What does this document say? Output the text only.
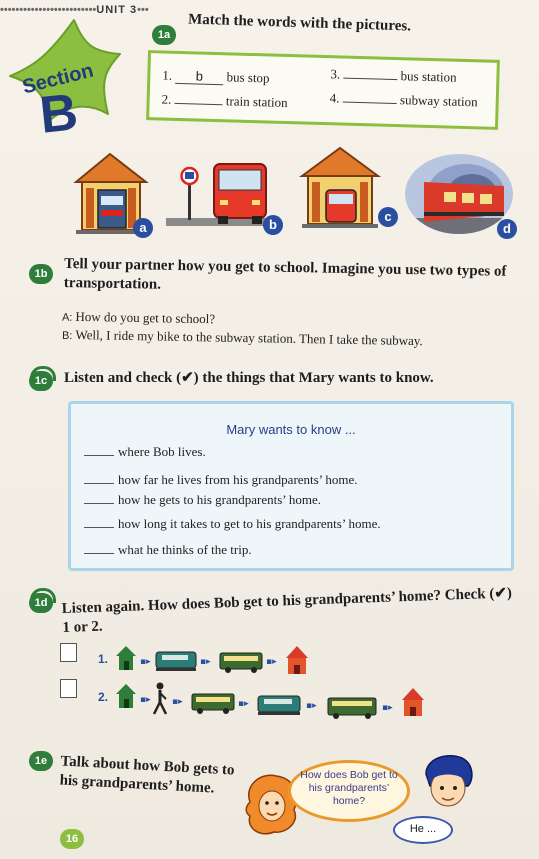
•••••••••••••••••••••••••UNIT 3•••
Section
B
1a
Match the words with the pictures.
1. b bus stop
2.	train station
3.	bus station
4.	subway station
a	b
c
d
1b	Tell your partner how you get to school. Imagine you use two types of
transportation.
A: How do you get to school?
B: Well, I ride my bike to the subway station. Then I take the subway.
1c	Listen and check (✔) the things that Mary wants to know.
Mary wants to know ...
where Bob lives.
how far he lives from his grandparents’ home.
how he gets to his grandparents’ home.
how long it takes to get to his grandparents’ home.
what he thinks of the trip.
1d Listen again. How does Bob get to his grandparents’ home? Check (✔)
1 or 2.
1.	▪▸	▪▸	▪▸
2.	▪▸ ▪▸	▪▸	▪▸	▪▸
1e Talk about how Bob gets to
his grandparents’ home.	How does Bob get to his grandparents’ home?
He ...
16
